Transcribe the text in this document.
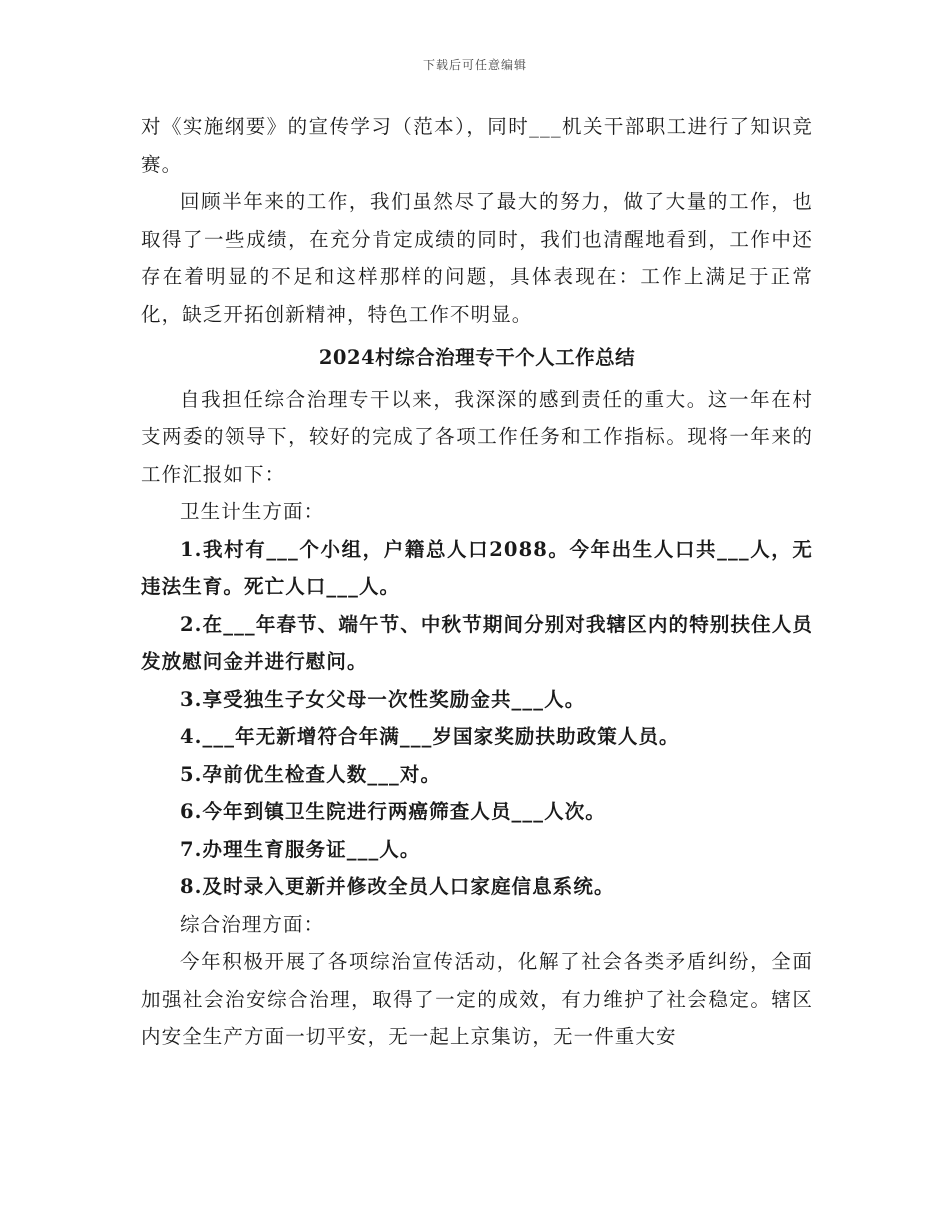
下载后可任意编辑

对《实施纲要》的宣传学习（范本），同时___机关干部职工进行了知识竞赛。

回顾半年来的工作，我们虽然尽了最大的努力，做了大量的工作，也取得了一些成绩，在充分肯定成绩的同时，我们也清醒地看到，工作中还存在着明显的不足和这样那样的问题，具体表现在：工作上满足于正常化，缺乏开拓创新精神，特色工作不明显。

2024村综合治理专干个人工作总结

自我担任综合治理专干以来，我深深的感到责任的重大。这一年在村支两委的领导下，较好的完成了各项工作任务和工作指标。现将一年来的工作汇报如下：

卫生计生方面：

1.我村有___个小组，户籍总人口2088。今年出生人口共___人，无违法生育。死亡人口___人。

2.在___年春节、端午节、中秋节期间分别对我辖区内的特别扶住人员发放慰问金并进行慰问。

3.享受独生子女父母一次性奖励金共___人。

4.___年无新增符合年满___岁国家奖励扶助政策人员。

5.孕前优生检查人数___对。

6.今年到镇卫生院进行两癌筛查人员___人次。

7.办理生育服务证___人。

8.及时录入更新并修改全员人口家庭信息系统。

综合治理方面：

今年积极开展了各项综治宣传活动，化解了社会各类矛盾纠纷，全面加强社会治安综合治理，取得了一定的成效，有力维护了社会稳定。辖区内安全生产方面一切平安，无一起上京集访，无一件重大安
